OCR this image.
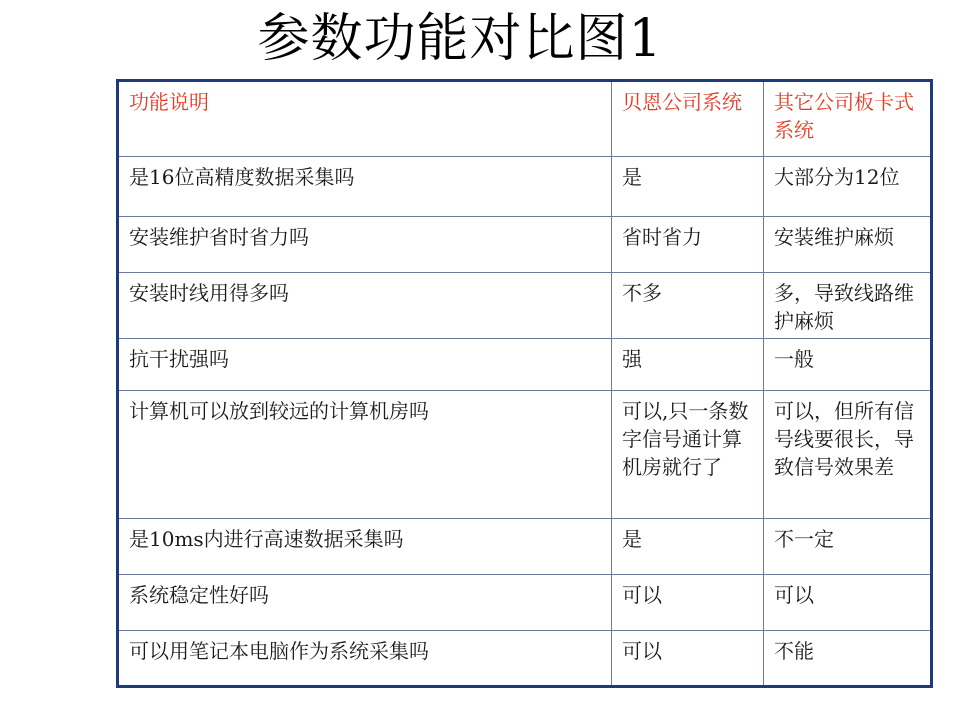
参数功能对比图1
功能说明	贝恩公司系统	其它公司板卡式系统
是16位高精度数据采集吗	是	大部分为12位
安装维护省时省力吗	省时省力	安装维护麻烦
安装时线用得多吗	不多	多，导致线路维护麻烦
抗干扰强吗	强	一般
计算机可以放到较远的计算机房吗	可以,只一条数字信号通计算机房就行了	可以，但所有信号线要很长，导致信号效果差
是10ms内进行高速数据采集吗	是	不一定
系统稳定性好吗	可以	可以
可以用笔记本电脑作为系统采集吗	可以	不能
